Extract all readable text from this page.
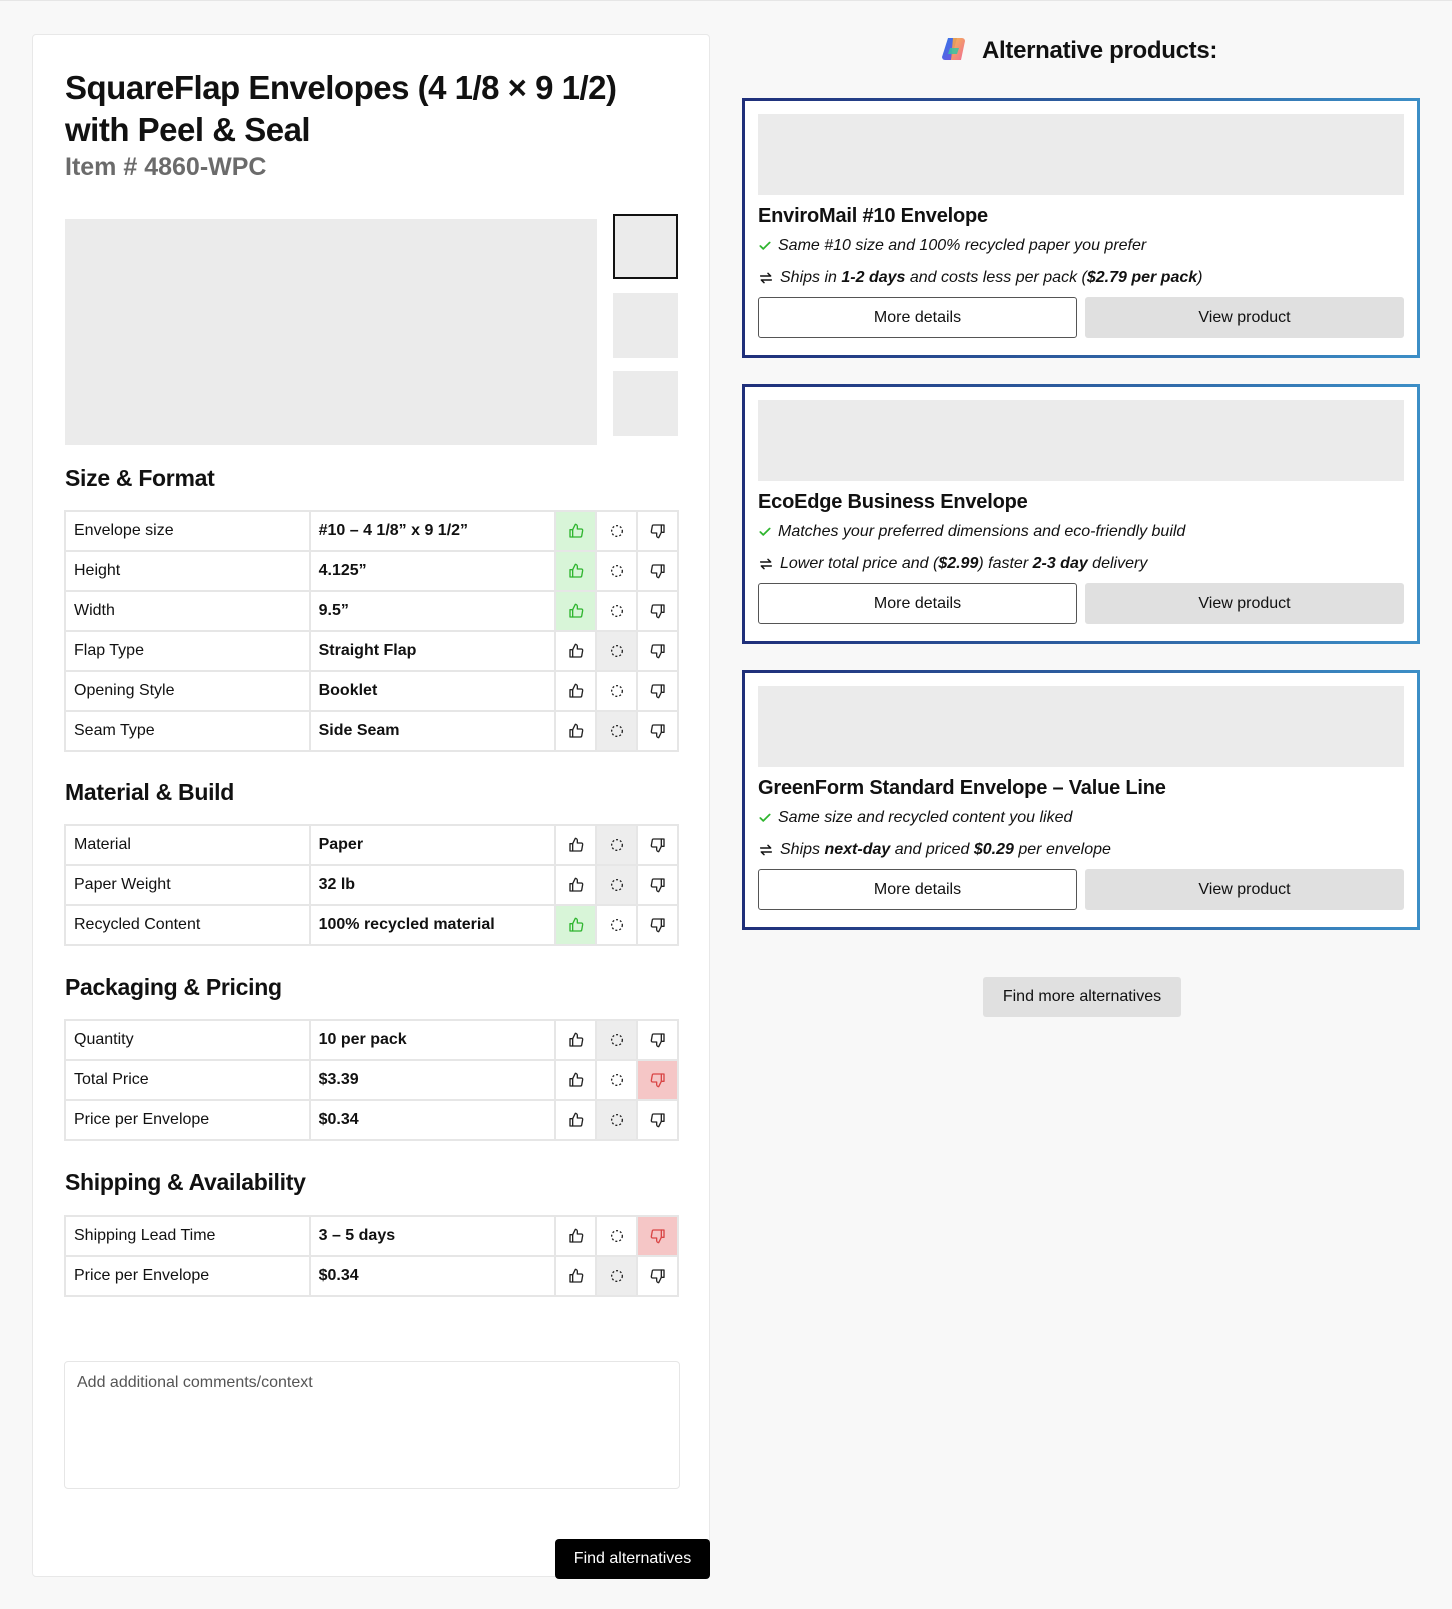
SquareFlap Envelopes (4 1/8 × 9 1/2) with Peel & Seal
Item # 4860-WPC
Size & Format
Envelope size	#10 – 4 1/8” x 9 1/2”	

Height	4.125”	

Width	9.5”	

Flap Type	Straight Flap	

Opening Style	Booklet	

Seam Type	Side Seam	

Material & Build
Material	Paper	

Paper Weight	32 lb	

Recycled Content	100% recycled material	

Packaging & Pricing
Quantity	10 per pack	

Total Price	$3.39	

Price per Envelope	$0.34	

Shipping & Availability
Shipping Lead Time	3 – 5 days	

Price per Envelope	$0.34	

Add additional comments/context
Find alternatives
Alternative products:
EnviroMail #10 Envelope
Same #10 size and 100% recycled paper you prefer
Ships in 1-2 days and costs less per pack ($2.79 per pack)
More details	View product
EcoEdge Business Envelope
Matches your preferred dimensions and eco-friendly build
Lower total price and ($2.99) faster 2-3 day delivery
More details	View product
GreenForm Standard Envelope – Value Line
Same size and recycled content you liked
Ships next-day and priced $0.29 per envelope
More details	View product
Find more alternatives
